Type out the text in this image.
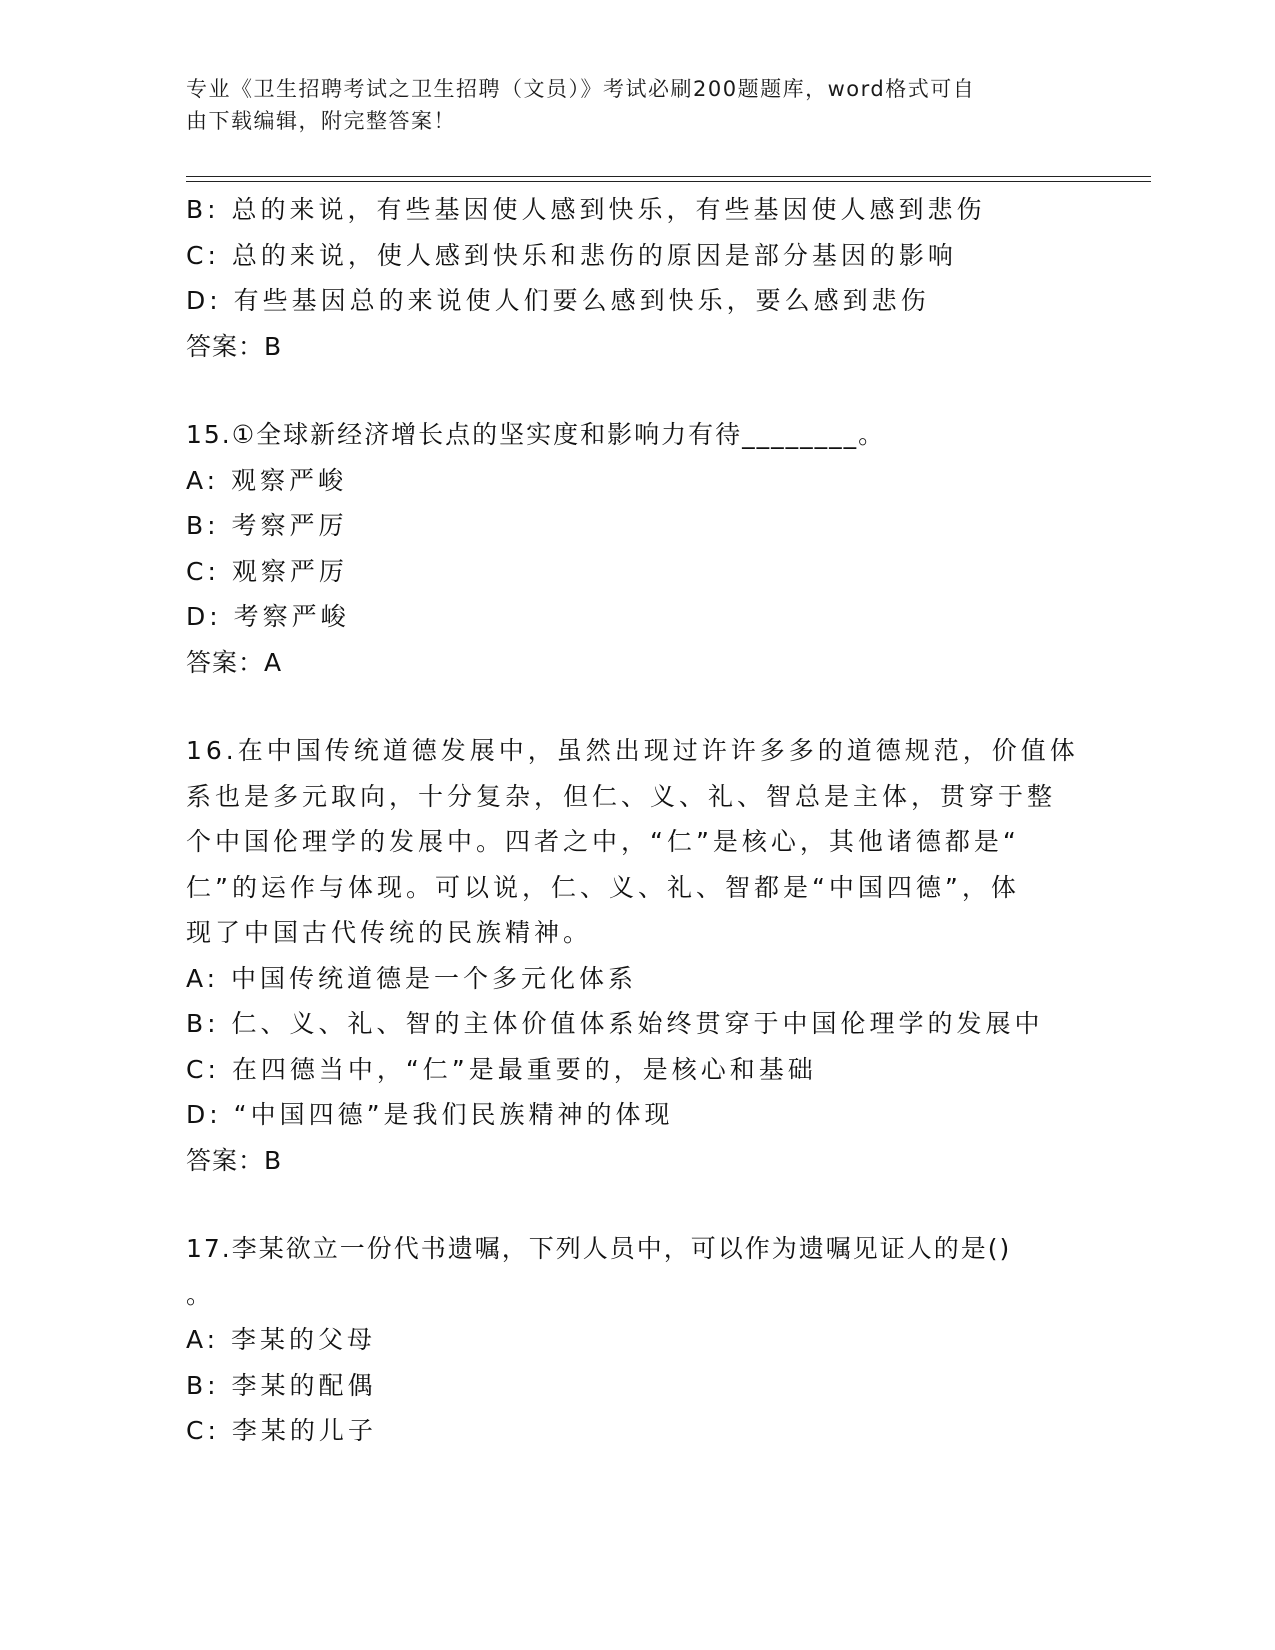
专业《卫生招聘考试之卫生招聘（文员）》考试必刷200题题库，word格式可自
由下载编辑，附完整答案！
B: 总的来说，有些基因使人感到快乐，有些基因使人感到悲伤
C: 总的来说，使人感到快乐和悲伤的原因是部分基因的影响
D: 有些基因总的来说使人们要么感到快乐，要么感到悲伤
答案：B
15.①全球新经济增长点的坚实度和影响力有待________。
A: 观察严峻
B: 考察严厉
C: 观察严厉
D: 考察严峻
答案：A
16.在中国传统道德发展中，虽然出现过许许多多的道德规范，价值体
系也是多元取向，十分复杂，但仁、义、礼、智总是主体，贯穿于整
个中国伦理学的发展中。四者之中，“仁”是核心，其他诸德都是“
仁”的运作与体现。可以说，仁、义、礼、智都是“中国四德”，体
现了中国古代传统的民族精神。
A: 中国传统道德是一个多元化体系
B: 仁、义、礼、智的主体价值体系始终贯穿于中国伦理学的发展中
C: 在四德当中，“仁”是最重要的，是核心和基础
D: “中国四德”是我们民族精神的体现
答案：B
17.李某欲立一份代书遗嘱，下列人员中，可以作为遗嘱见证人的是()
。
A: 李某的父母
B: 李某的配偶
C: 李某的儿子
